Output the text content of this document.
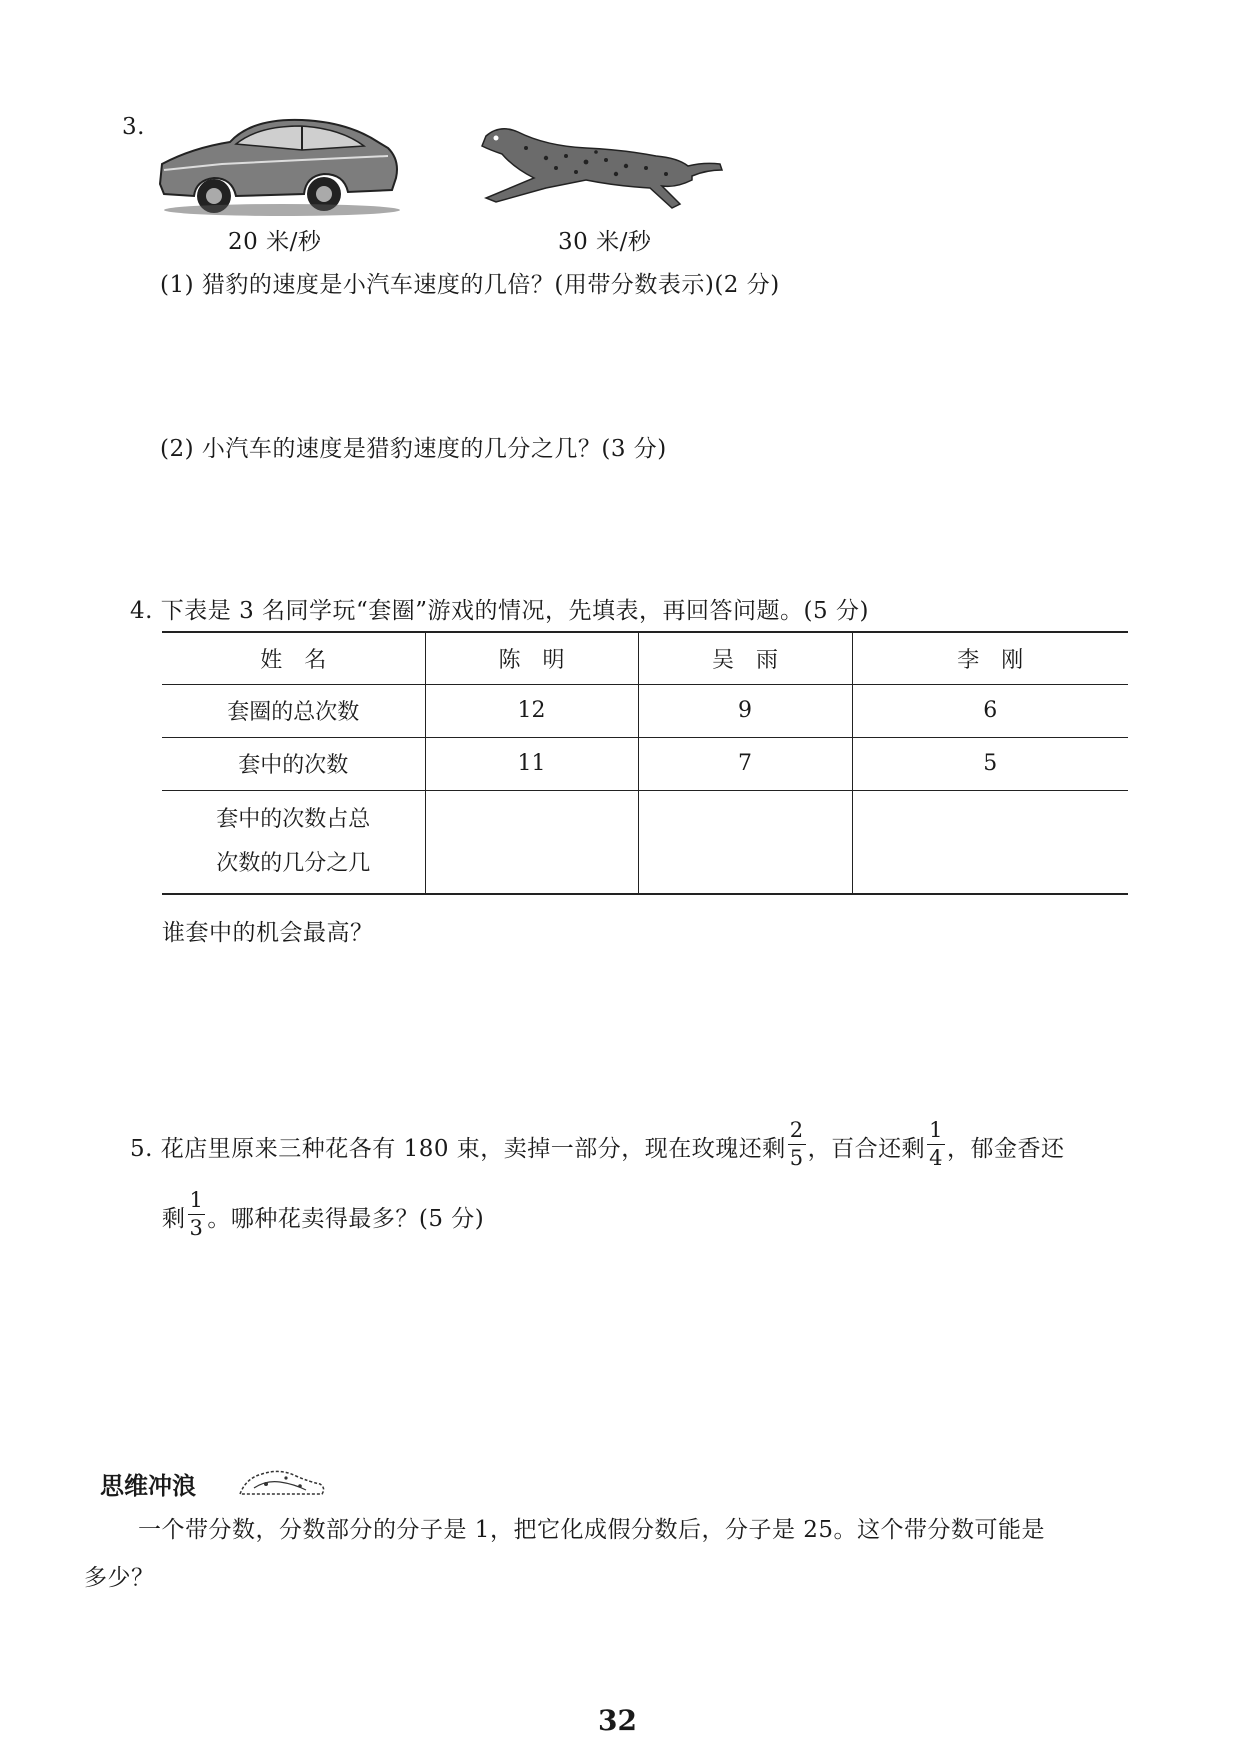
3.
20 米/秒	30 米/秒
(1) 猎豹的速度是小汽车速度的几倍？(用带分数表示)(2 分)
(2) 小汽车的速度是猎豹速度的几分之几？(3 分)
4. 下表是 3 名同学玩“套圈”游戏的情况，先填表，再回答问题。(5 分)
姓　名	陈　明	吴　雨	李　刚
套圈的总次数	12	9	6
套中的次数	11	7	5

套中的次数占总
次数的几分之几			

谁套中的机会最高？
5. 花店里原来三种花各有 180 束，卖掉一部分，现在玫瑰还剩 $\frac{2}{5}$ ，百合还剩 $\frac{1}{4}$ ，郁金香还
剩 $\frac{1}{3}$ 。哪种花卖得最多？(5 分)
思维冲浪
一个带分数，分数部分的分子是 1，把它化成假分数后，分子是 25。这个带分数可能是
多少？
32
